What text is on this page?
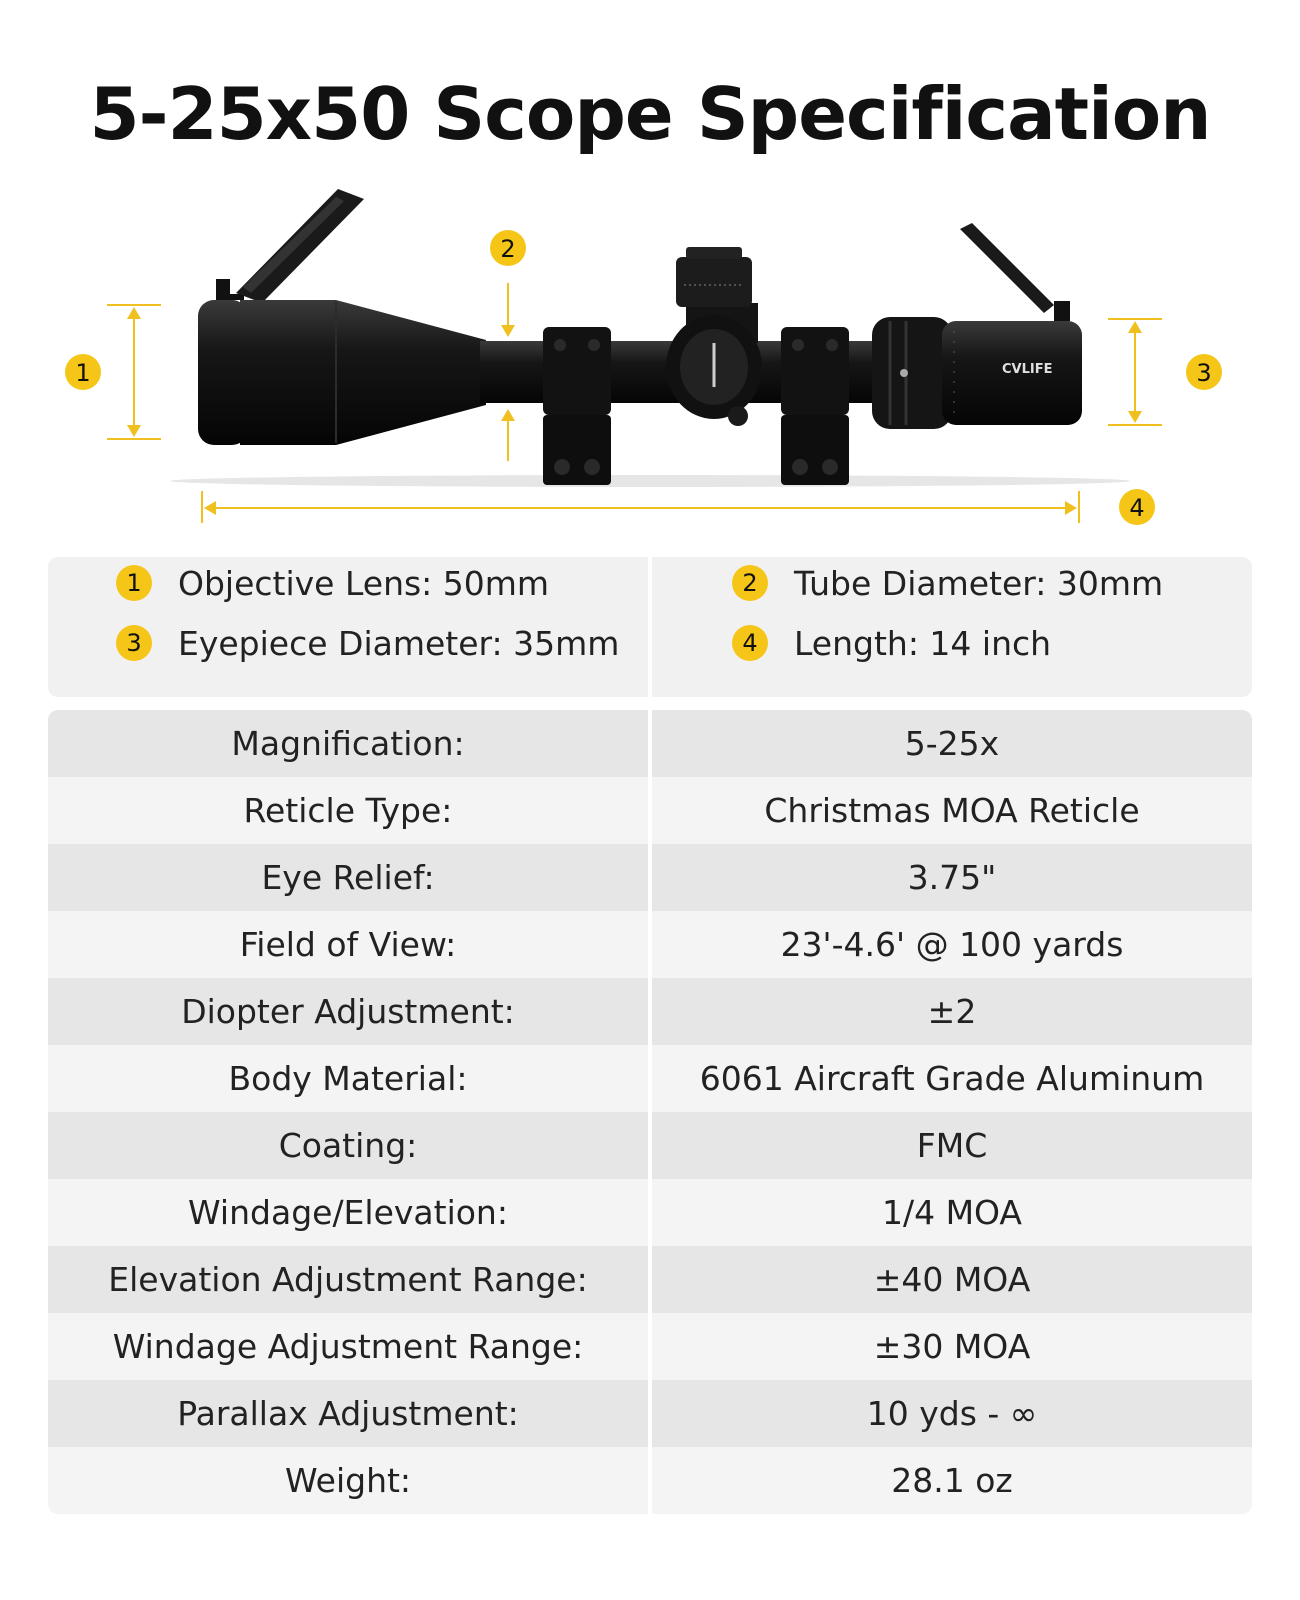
5-25x50 Scope Specification
CVLIFE
1
2
3
4
1	Objective Lens: 50mm	2	Tube Diameter: 30mm
3	Eyepiece Diameter: 35mm	4	Length: 14 inch
Magnification:	5-25x
Reticle Type:	Christmas MOA Reticle
Eye Relief:	3.75"
Field of View:	23'-4.6' @ 100 yards
Diopter Adjustment:	±2
Body Material:	6061 Aircraft Grade Aluminum
Coating:	FMC
Windage/Elevation:	1/4 MOA
Elevation Adjustment Range:	±40 MOA
Windage Adjustment Range:	±30 MOA
Parallax Adjustment:	10 yds - ∞
Weight:	28.1 oz
